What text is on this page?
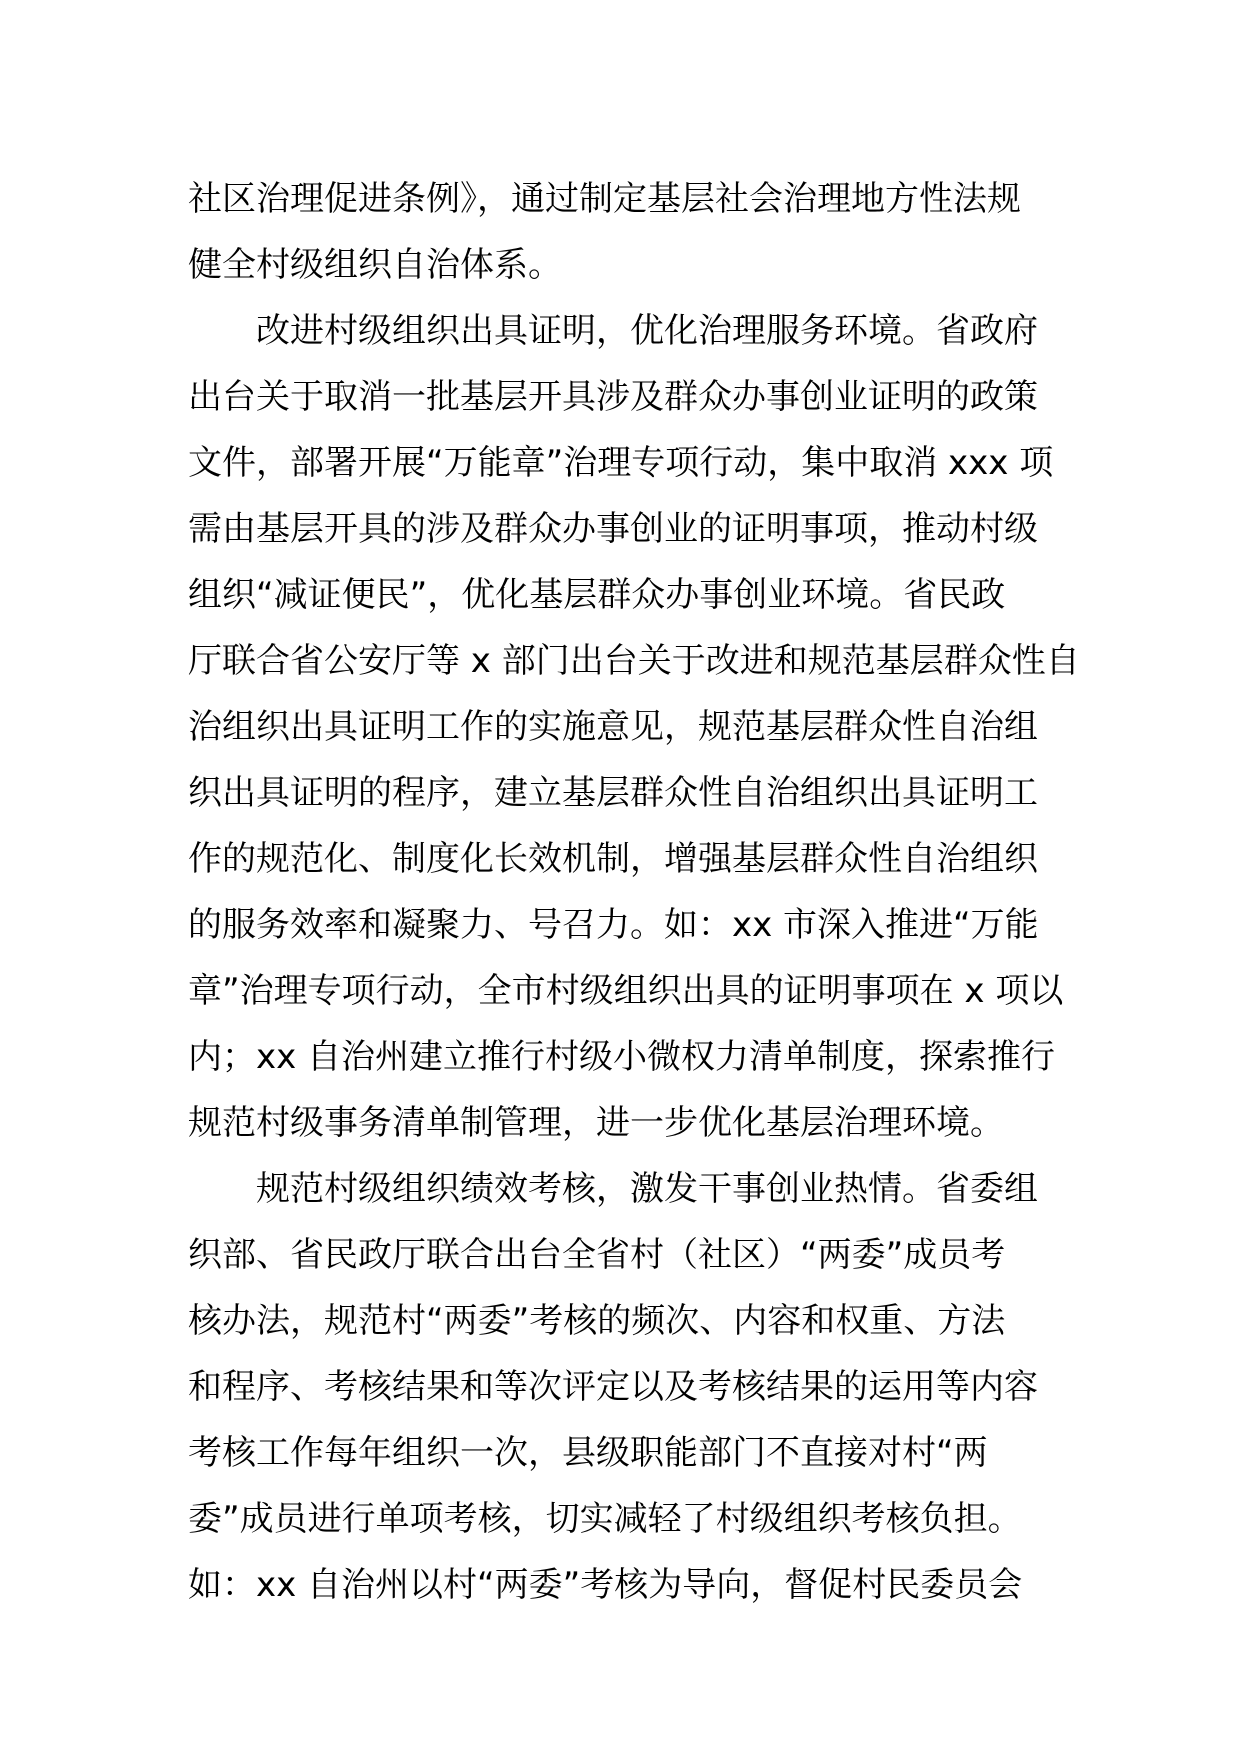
社区治理促进条例》，通过制定基层社会治理地方性法规
健全村级组织自治体系。
改进村级组织出具证明，优化治理服务环境。省政府
出台关于取消一批基层开具涉及群众办事创业证明的政策
文件，部署开展“万能章”治理专项行动，集中取消 xxx 项
需由基层开具的涉及群众办事创业的证明事项，推动村级
组织“减证便民”，优化基层群众办事创业环境。省民政
厅联合省公安厅等 x 部门出台关于改进和规范基层群众性自
治组织出具证明工作的实施意见，规范基层群众性自治组
织出具证明的程序，建立基层群众性自治组织出具证明工
作的规范化、制度化长效机制，增强基层群众性自治组织
的服务效率和凝聚力、号召力。如：xx 市深入推进“万能
章”治理专项行动，全市村级组织出具的证明事项在 x 项以
内；xx 自治州建立推行村级小微权力清单制度，探索推行
规范村级事务清单制管理，进一步优化基层治理环境。
规范村级组织绩效考核，激发干事创业热情。省委组
织部、省民政厅联合出台全省村（社区）“两委”成员考
核办法，规范村“两委”考核的频次、内容和权重、方法
和程序、考核结果和等次评定以及考核结果的运用等内容
考核工作每年组织一次，县级职能部门不直接对村“两
委”成员进行单项考核，切实减轻了村级组织考核负担。
如：xx 自治州以村“两委”考核为导向，督促村民委员会
